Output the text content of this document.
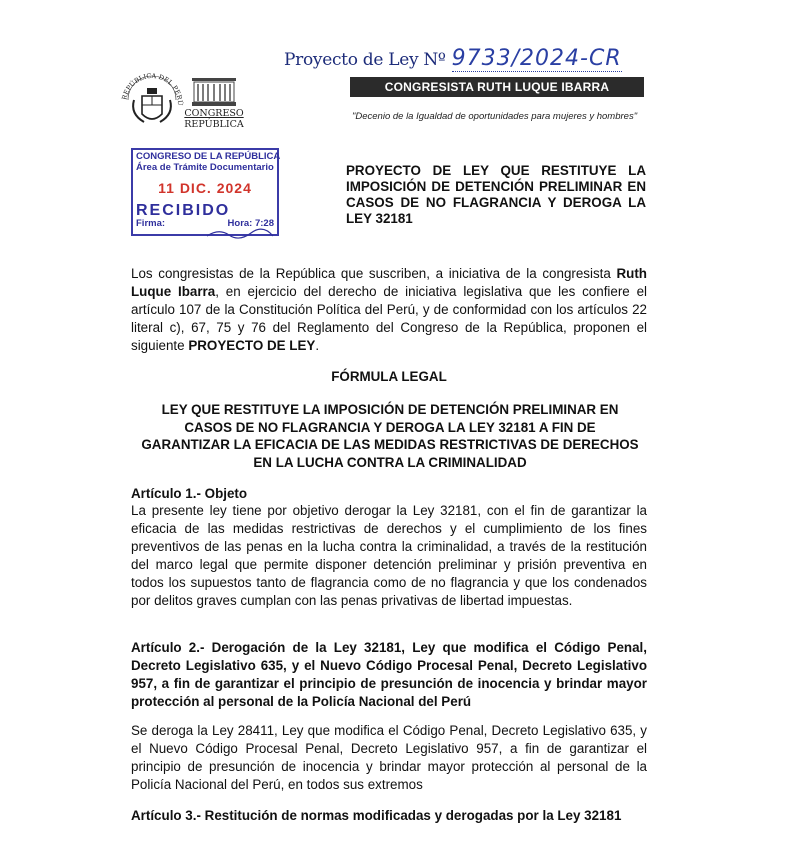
REPÚBLICA DEL PERÚ
CONGRESO
REPÚBLICA
Proyecto de Ley Nº 9733/2024-CR
CONGRESISTA RUTH LUQUE IBARRA
"Decenio de la Igualdad de oportunidades para mujeres y hombres"
CONGRESO DE LA REPÚBLICA
Área de Trámite Documentario
11 DIC. 2024
RECIBIDO
Firma:	Hora: 7:28
PROYECTO DE LEY QUE RESTITUYE LA IMPOSICIÓN DE DETENCIÓN PRELIMINAR EN CASOS DE NO FLAGRANCIA Y DEROGA LA LEY 32181

Los congresistas de la República que suscriben, a iniciativa de la congresista Ruth Luque Ibarra, en ejercicio del derecho de iniciativa legislativa que les confiere el artículo 107 de la Constitución Política del Perú, y de conformidad con los artículos 22 literal c), 67, 75 y 76 del Reglamento del Congreso de la República, proponen el siguiente PROYECTO DE LEY.

FÓRMULA LEGAL
LEY QUE RESTITUYE LA IMPOSICIÓN DE DETENCIÓN PRELIMINAR EN CASOS DE NO FLAGRANCIA Y DEROGA LA LEY 32181 A FIN DE GARANTIZAR LA EFICACIA DE LAS MEDIDAS RESTRICTIVAS DE DERECHOS EN LA LUCHA CONTRA LA CRIMINALIDAD
Artículo 1.- Objeto

La presente ley tiene por objetivo derogar la Ley 32181, con el fin de garantizar la eficacia de las medidas restrictivas de derechos y el cumplimiento de los fines preventivos de las penas en la lucha contra la criminalidad, a través de la restitución del marco legal que permite disponer detención preliminar y prisión preventiva en todos los supuestos tanto de flagrancia como de no flagrancia y que los condenados por delitos graves cumplan con las penas privativas de libertad impuestas.

Artículo 2.- Derogación de la Ley 32181, Ley que modifica el Código Penal, Decreto Legislativo 635, y el Nuevo Código Procesal Penal, Decreto Legislativo 957, a fin de garantizar el principio de presunción de inocencia y brindar mayor protección al personal de la Policía Nacional del Perú

Se deroga la Ley 28411, Ley que modifica el Código Penal, Decreto Legislativo 635, y el Nuevo Código Procesal Penal, Decreto Legislativo 957, a fin de garantizar el principio de presunción de inocencia y brindar mayor protección al personal de la Policía Nacional del Perú, en todos sus extremos

Artículo 3.- Restitución de normas modificadas y derogadas por la Ley 32181
